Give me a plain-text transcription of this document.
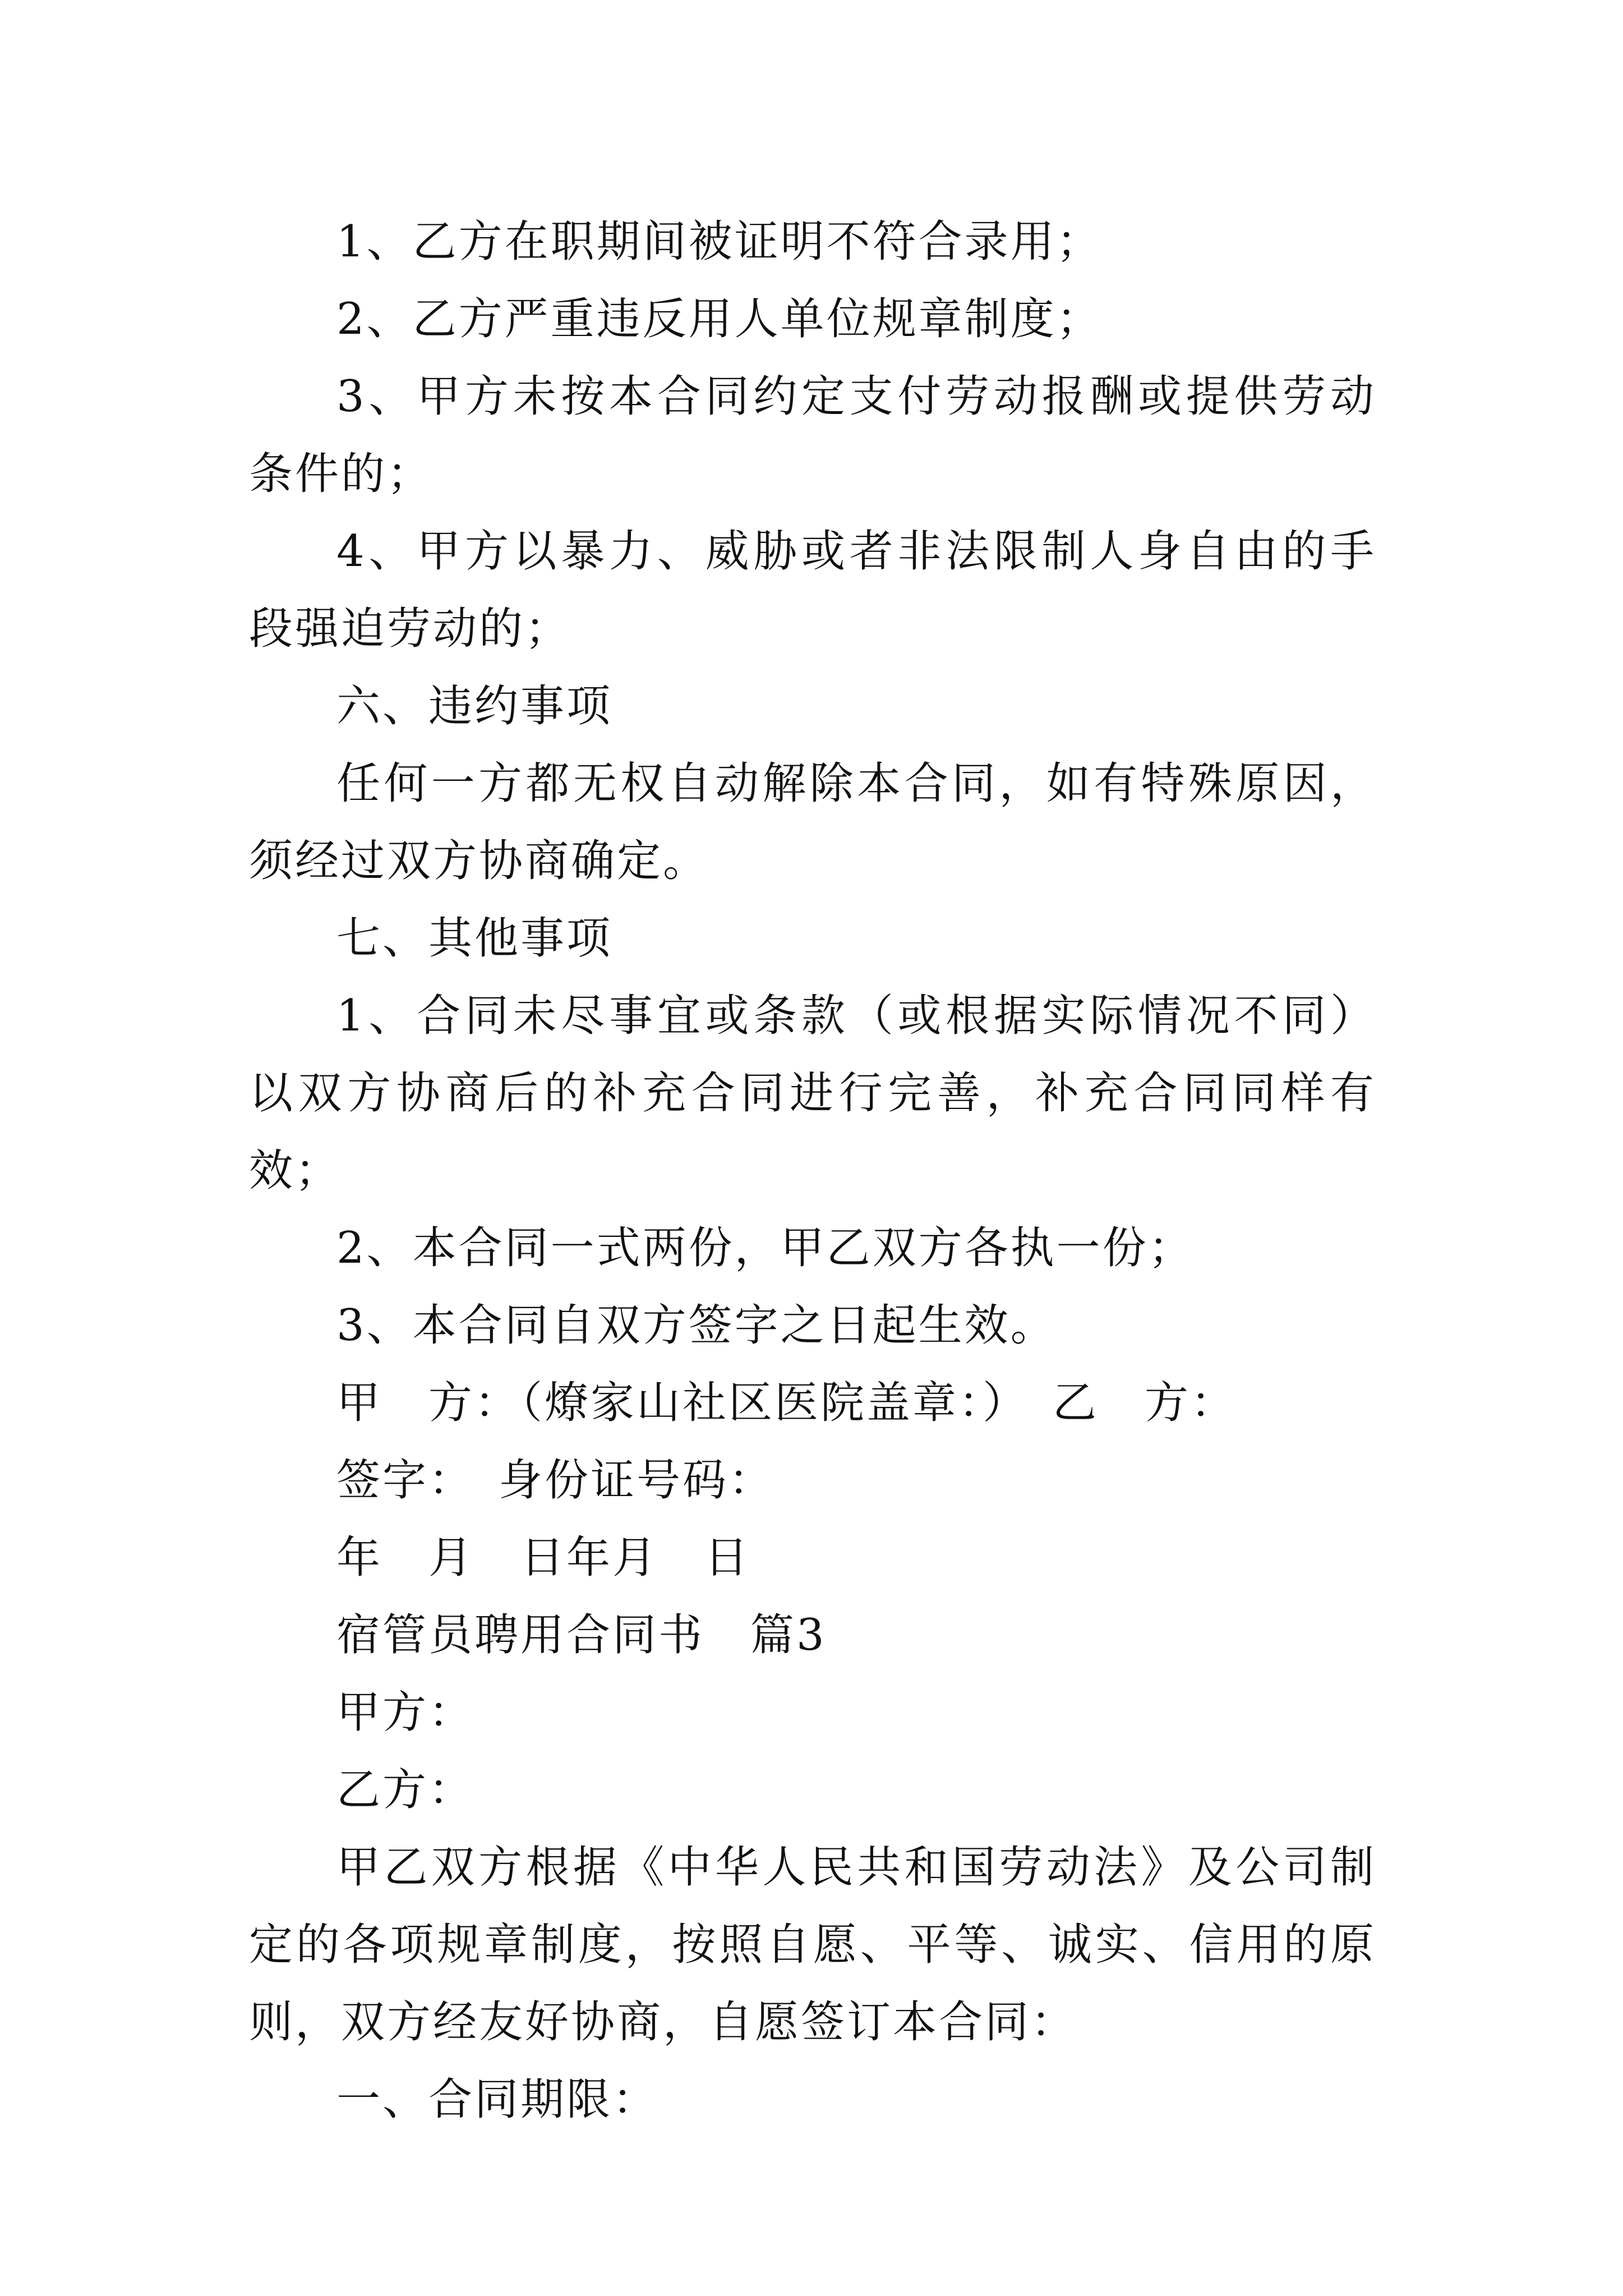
1、乙方在职期间被证明不符合录用；

2、乙方严重违反用人单位规章制度；

3、甲方未按本合同约定支付劳动报酬或提供劳动条件的；

4、甲方以暴力、威胁或者非法限制人身自由的手段强迫劳动的；

六、违约事项

任何一方都无权自动解除本合同，如有特殊原因，须经过双方协商确定。

七、其他事项

1、合同未尽事宜或条款（或根据实际情况不同）以双方协商后的补充合同进行完善，补充合同同样有效；

2、本合同一式两份，甲乙双方各执一份；

3、本合同自双方签字之日起生效。

甲　方：（燎家山社区医院盖章：）　乙　方：

签字：　身份证号码：

年　月　日年月　日

宿管员聘用合同书　篇3

甲方：

乙方：

甲乙双方根据《中华人民共和国劳动法》及公司制定的各项规章制度，按照自愿、平等、诚实、信用的原则，双方经友好协商，自愿签订本合同：

一、合同期限：
